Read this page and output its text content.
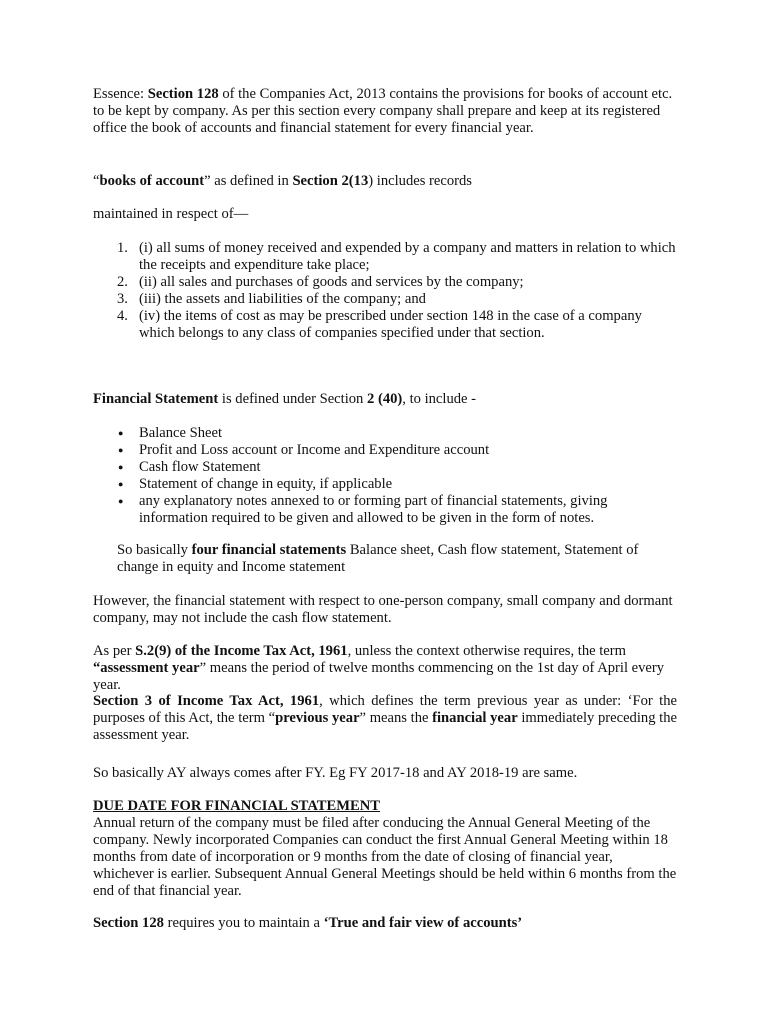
Essence: Section 128 of the Companies Act, 2013 contains the provisions for books of account etc. to be kept by company. As per this section every company shall prepare and keep at its registered office the book of accounts and financial statement for every financial year.

“books of account” as defined in Section 2(13) includes records

maintained in respect of—

1. (i) all sums of money received and expended by a company and matters in relation to which the receipts and expenditure take place;
2. (ii) all sales and purchases of goods and services by the company;
3. (iii) the assets and liabilities of the company; and
4. (iv) the items of cost as may be prescribed under section 148 in the case of a company which belongs to any class of companies specified under that section.

Financial Statement is defined under Section 2 (40), to include -

● Balance Sheet
● Profit and Loss account or Income and Expenditure account
● Cash flow Statement
● Statement of change in equity, if applicable
● any explanatory notes annexed to or forming part of financial statements, giving information required to be given and allowed to be given in the form of notes.

So basically four financial statements Balance sheet, Cash flow statement, Statement of change in equity and Income statement

However, the financial statement with respect to one-person company, small company and dormant company, may not include the cash flow statement.

As per S.2(9) of the Income Tax Act, 1961, unless the context otherwise requires, the term “assessment year” means the period of twelve months commencing on the 1st day of April every year.

Section 3 of Income Tax Act, 1961, which defines the term previous year as under: ‘For the purposes of this Act, the term “previous year” means the financial year immediately preceding the assessment year.

So basically AY always comes after FY. Eg FY 2017-18 and AY 2018-19 are same.

DUE DATE FOR FINANCIAL STATEMENT

Annual return of the company must be filed after conducing the Annual General Meeting of the company. Newly incorporated Companies can conduct the first Annual General Meeting within 18 months from date of incorporation or 9 months from the date of closing of financial year, whichever is earlier. Subsequent Annual General Meetings should be held within 6 months from the end of that financial year.

Section 128 requires you to maintain a ‘True and fair view of accounts’
